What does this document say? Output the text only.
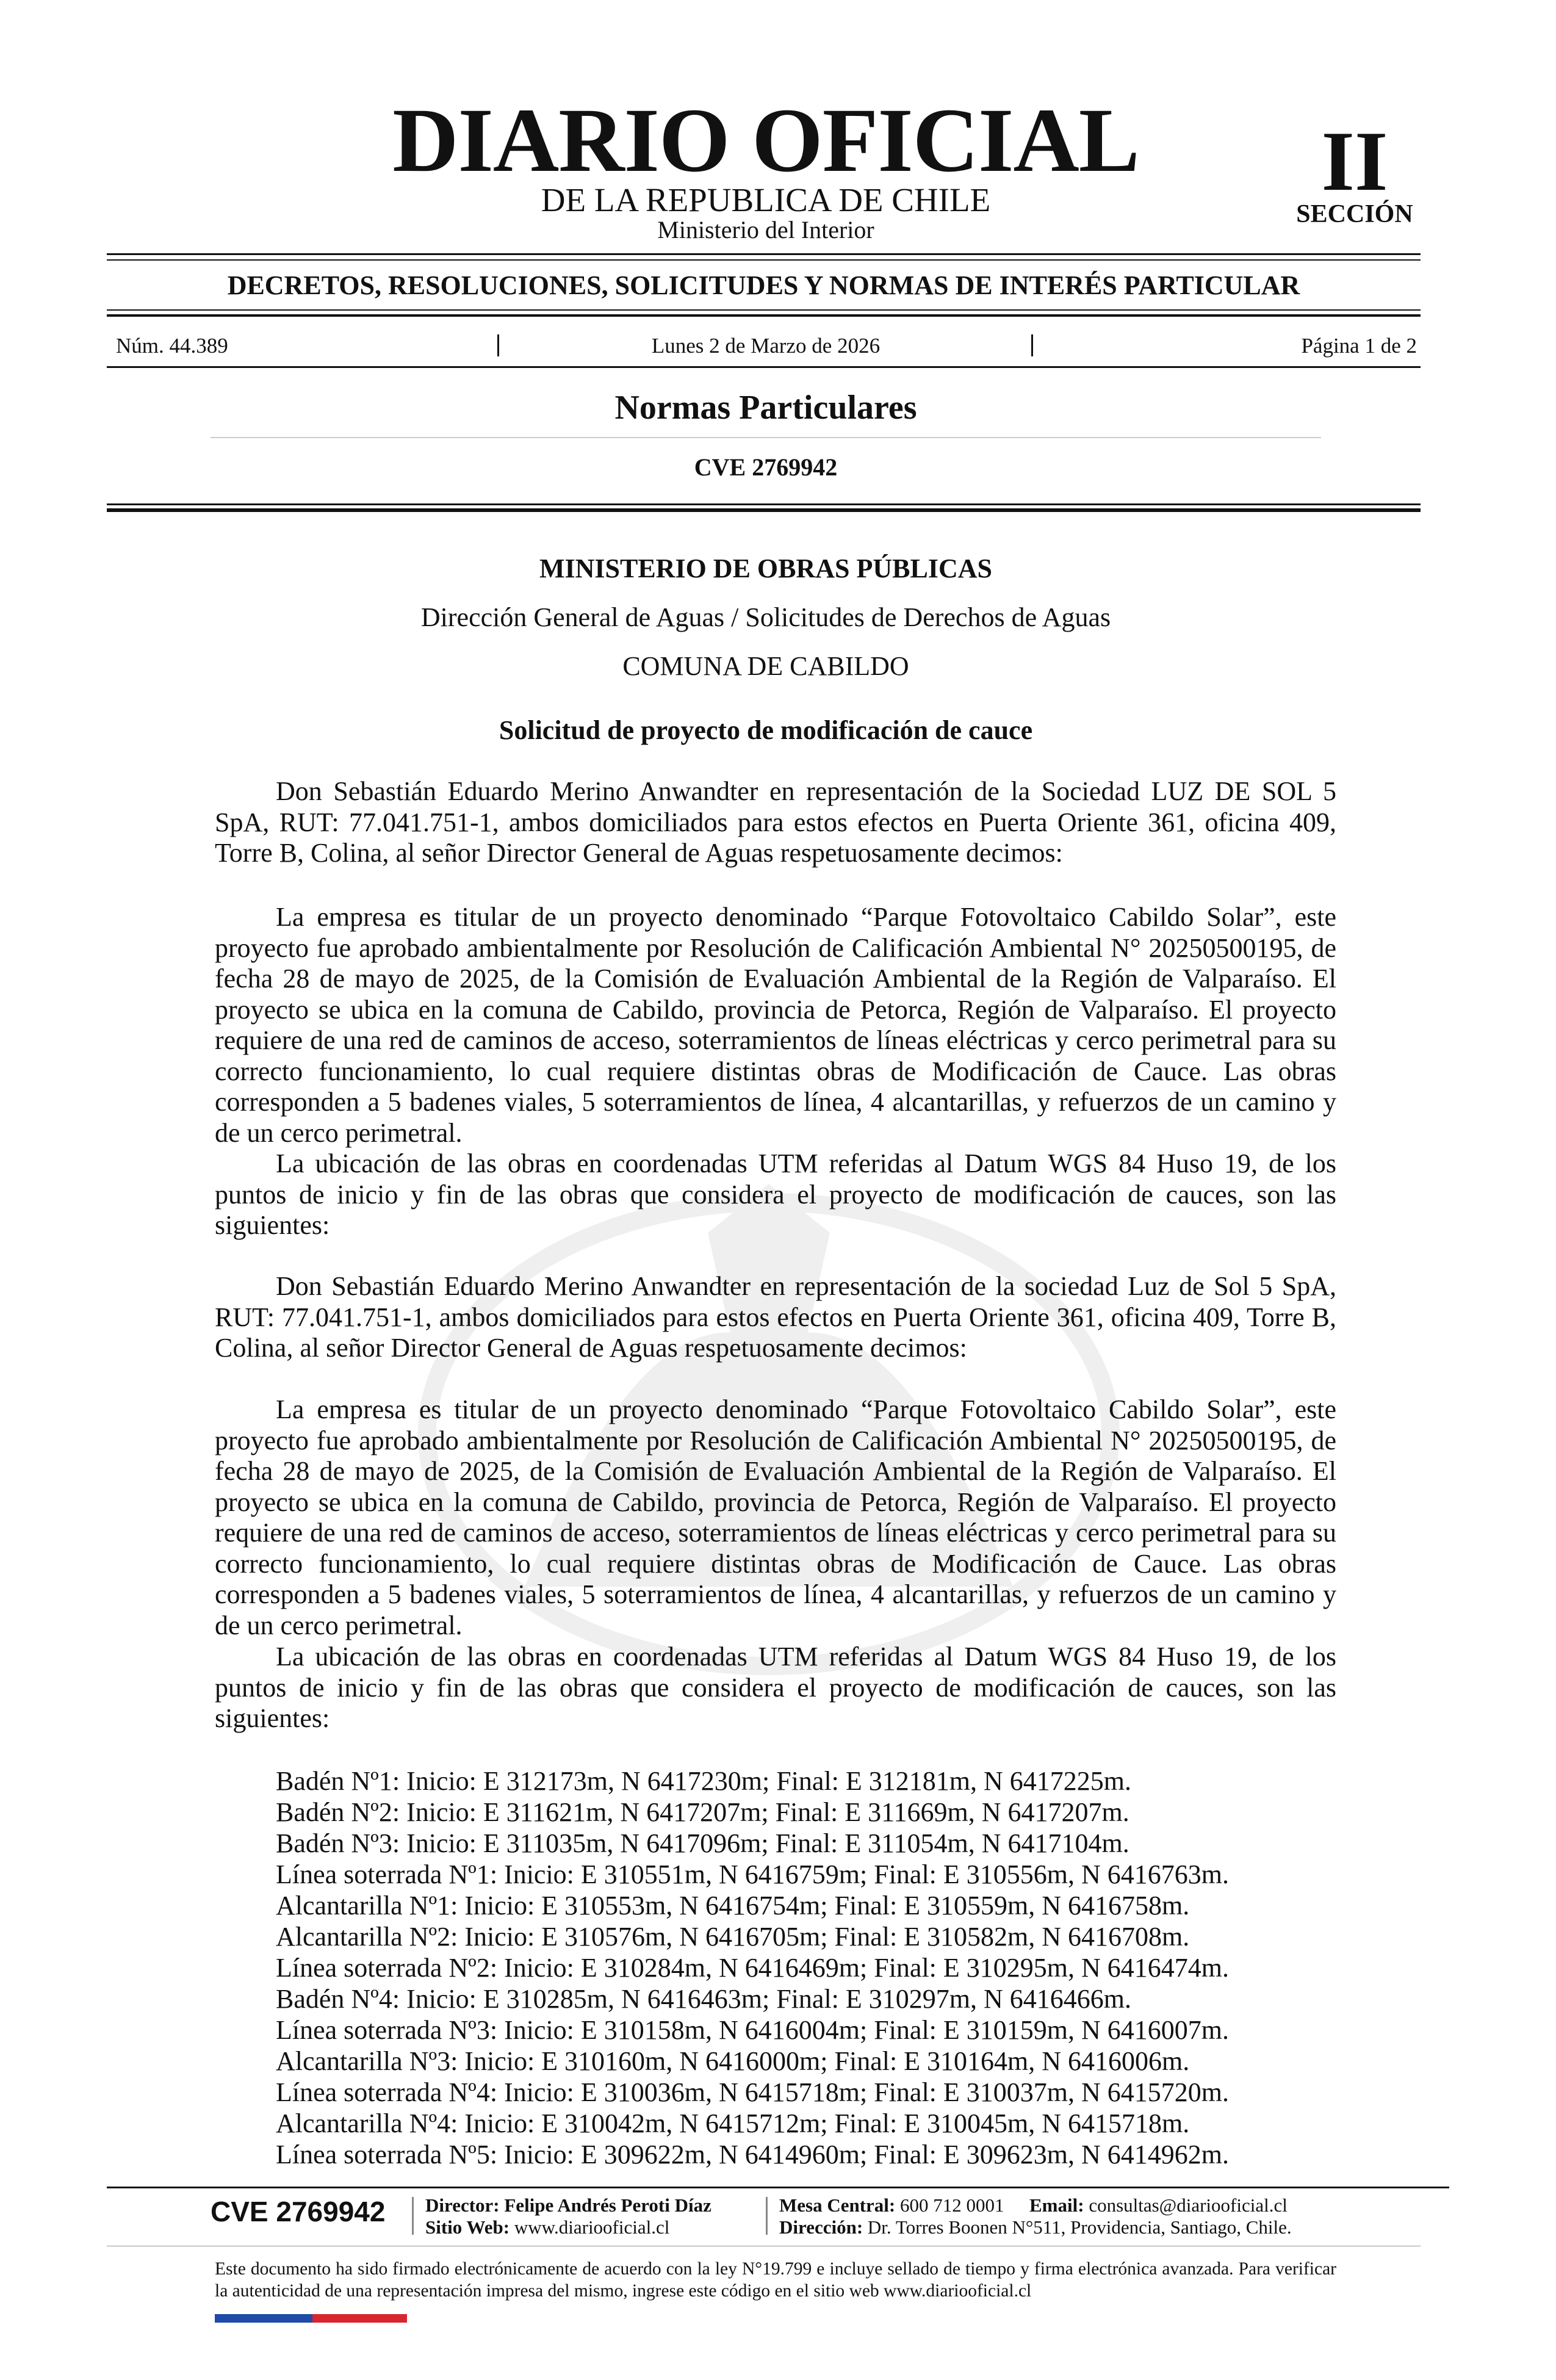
DIARIO OFICIAL
DE LA REPUBLICA DE CHILE
Ministerio del Interior
II
SECCIÓN
DECRETOS, RESOLUCIONES, SOLICITUDES Y NORMAS DE INTERÉS PARTICULAR
Núm. 44.389	Lunes 2 de Marzo de 2026	Página 1 de 2
Normas Particulares
CVE 2769942
MINISTERIO DE OBRAS PÚBLICAS
Dirección General de Aguas / Solicitudes de Derechos de Aguas
COMUNA DE CABILDO
Solicitud de proyecto de modificación de cauce
Don Sebastián Eduardo Merino Anwandter en representación de la Sociedad LUZ DE SOL 5 SpA, RUT: 77.041.751-1, ambos domiciliados para estos efectos en Puerta Oriente 361, oficina 409, Torre B, Colina, al señor Director General de Aguas respetuosamente decimos:
La empresa es titular de un proyecto denominado “Parque Fotovoltaico Cabildo Solar”, este proyecto fue aprobado ambientalmente por Resolución de Calificación Ambiental N° 20250500195, de fecha 28 de mayo de 2025, de la Comisión de Evaluación Ambiental de la Región de Valparaíso. El proyecto se ubica en la comuna de Cabildo, provincia de Petorca, Región de Valparaíso. El proyecto requiere de una red de caminos de acceso, soterramientos de líneas eléctricas y cerco perimetral para su correcto funcionamiento, lo cual requiere distintas obras de Modificación de Cauce. Las obras corresponden a 5 badenes viales, 5 soterramientos de línea, 4 alcantarillas, y refuerzos de un camino y de un cerco perimetral.
La ubicación de las obras en coordenadas UTM referidas al Datum WGS 84 Huso 19, de los puntos de inicio y fin de las obras que considera el proyecto de modificación de cauces, son las siguientes:
Don Sebastián Eduardo Merino Anwandter en representación de la sociedad Luz de Sol 5 SpA, RUT: 77.041.751-1, ambos domiciliados para estos efectos en Puerta Oriente 361, oficina 409, Torre B, Colina, al señor Director General de Aguas respetuosamente decimos:
La empresa es titular de un proyecto denominado “Parque Fotovoltaico Cabildo Solar”, este proyecto fue aprobado ambientalmente por Resolución de Calificación Ambiental N° 20250500195, de fecha 28 de mayo de 2025, de la Comisión de Evaluación Ambiental de la Región de Valparaíso. El proyecto se ubica en la comuna de Cabildo, provincia de Petorca, Región de Valparaíso. El proyecto requiere de una red de caminos de acceso, soterramientos de líneas eléctricas y cerco perimetral para su correcto funcionamiento, lo cual requiere distintas obras de Modificación de Cauce. Las obras corresponden a 5 badenes viales, 5 soterramientos de línea, 4 alcantarillas, y refuerzos de un camino y de un cerco perimetral.
La ubicación de las obras en coordenadas UTM referidas al Datum WGS 84 Huso 19, de los puntos de inicio y fin de las obras que considera el proyecto de modificación de cauces, son las siguientes:
Badén Nº1: Inicio: E 312173m, N 6417230m; Final: E 312181m, N 6417225m.
Badén Nº2: Inicio: E 311621m, N 6417207m; Final: E 311669m, N 6417207m.
Badén Nº3: Inicio: E 311035m, N 6417096m; Final: E 311054m, N 6417104m.
Línea soterrada Nº1: Inicio: E 310551m, N 6416759m; Final: E 310556m, N 6416763m.
Alcantarilla Nº1: Inicio: E 310553m, N 6416754m; Final: E 310559m, N 6416758m.
Alcantarilla Nº2: Inicio: E 310576m, N 6416705m; Final: E 310582m, N 6416708m.
Línea soterrada Nº2: Inicio: E 310284m, N 6416469m; Final: E 310295m, N 6416474m.
Badén Nº4: Inicio: E 310285m, N 6416463m; Final: E 310297m, N 6416466m.
Línea soterrada Nº3: Inicio: E 310158m, N 6416004m; Final: E 310159m, N 6416007m.
Alcantarilla Nº3: Inicio: E 310160m, N 6416000m; Final: E 310164m, N 6416006m.
Línea soterrada Nº4: Inicio: E 310036m, N 6415718m; Final: E 310037m, N 6415720m.
Alcantarilla Nº4: Inicio: E 310042m, N 6415712m; Final: E 310045m, N 6415718m.
Línea soterrada Nº5: Inicio: E 309622m, N 6414960m; Final: E 309623m, N 6414962m.
CVE 2769942 Director: Felipe Andrés Peroti Díaz
Sitio Web: www.diariooficial.cl
Mesa Central: 600 712 0001 Email: consultas@diariooficial.cl
Dirección: Dr. Torres Boonen N°511, Providencia, Santiago, Chile.
Este documento ha sido firmado electrónicamente de acuerdo con la ley N°19.799 e incluye sellado de tiempo y firma electrónica avanzada. Para verificar la autenticidad de una representación impresa del mismo, ingrese este código en el sitio web www.diariooficial.cl
